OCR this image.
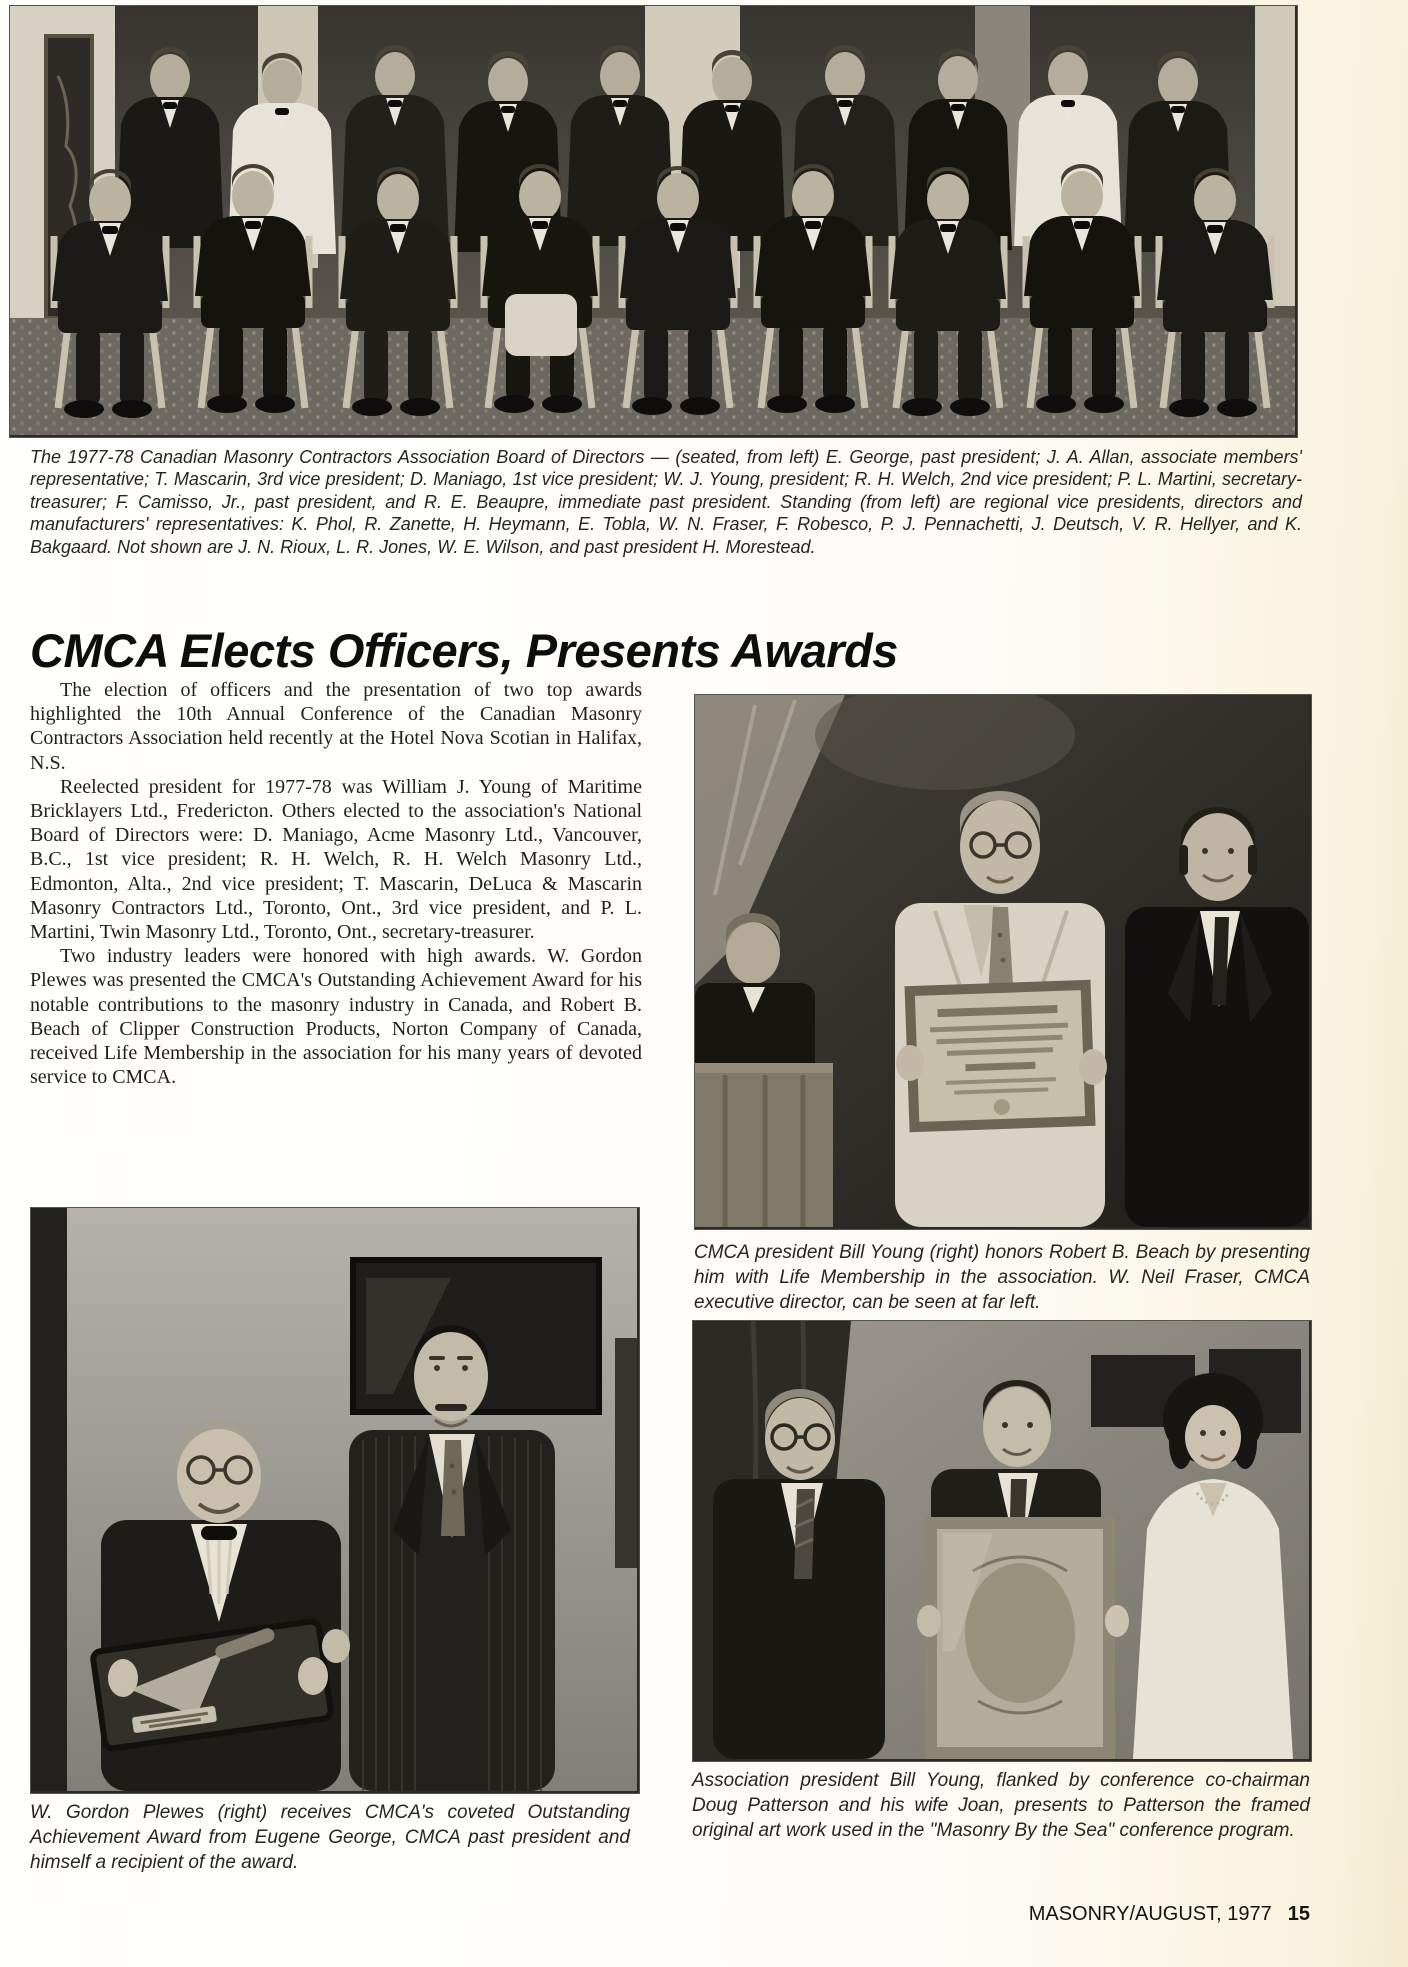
The 1977-78 Canadian Masonry Contractors Association Board of Directors — (seated, from left) E. George, past president; J. A. Allan, associate members' representative; T. Mascarin, 3rd vice president; D. Maniago, 1st vice president; W. J. Young, president; R. H. Welch, 2nd vice president; P. L. Martini, secretary-treasurer; F. Camisso, Jr., past president, and R. E. Beaupre, immediate past president. Standing (from left) are regional vice presidents, directors and manufacturers' representatives: K. Phol, R. Zanette, H. Heymann, E. Tobla, W. N. Fraser, F. Robesco, P. J. Pennachetti, J. Deutsch, V. R. Hellyer, and K. Bakgaard. Not shown are J. N. Rioux, L. R. Jones, W. E. Wilson, and past president H. Morestead.
CMCA Elects Officers, Presents Awards

The election of officers and the presentation of two top awards highlighted the 10th Annual Conference of the Canadian Masonry Contractors Association held recently at the Hotel Nova Scotian in Halifax, N.S.

Reelected president for 1977-78 was William J. Young of Maritime Bricklayers Ltd., Fredericton. Others elected to the association's National Board of Directors were: D. Maniago, Acme Masonry Ltd., Vancouver, B.C., 1st vice president; R. H. Welch, R. H. Welch Masonry Ltd., Edmonton, Alta., 2nd vice president; T. Mascarin, DeLuca & Mascarin Masonry Contractors Ltd., Toronto, Ont., 3rd vice president, and P. L. Martini, Twin Masonry Ltd., Toronto, Ont., secretary-treasurer.

Two industry leaders were honored with high awards. W. Gordon Plewes was presented the CMCA's Outstanding Achievement Award for his notable contributions to the masonry industry in Canada, and Robert B. Beach of Clipper Construction Products, Norton Company of Canada, received Life Membership in the association for his many years of devoted service to CMCA.

CMCA president Bill Young (right) honors Robert B. Beach by presenting him with Life Membership in the association. W. Neil Fraser, CMCA executive director, can be seen at far left.
W. Gordon Plewes (right) receives CMCA's coveted Outstanding Achievement Award from Eugene George, CMCA past president and himself a recipient of the award.
Association president Bill Young, flanked by conference co-chairman Doug Patterson and his wife Joan, presents to Patterson the framed original art work used in the "Masonry By the Sea" conference program.
MASONRY/AUGUST, 1977 15
